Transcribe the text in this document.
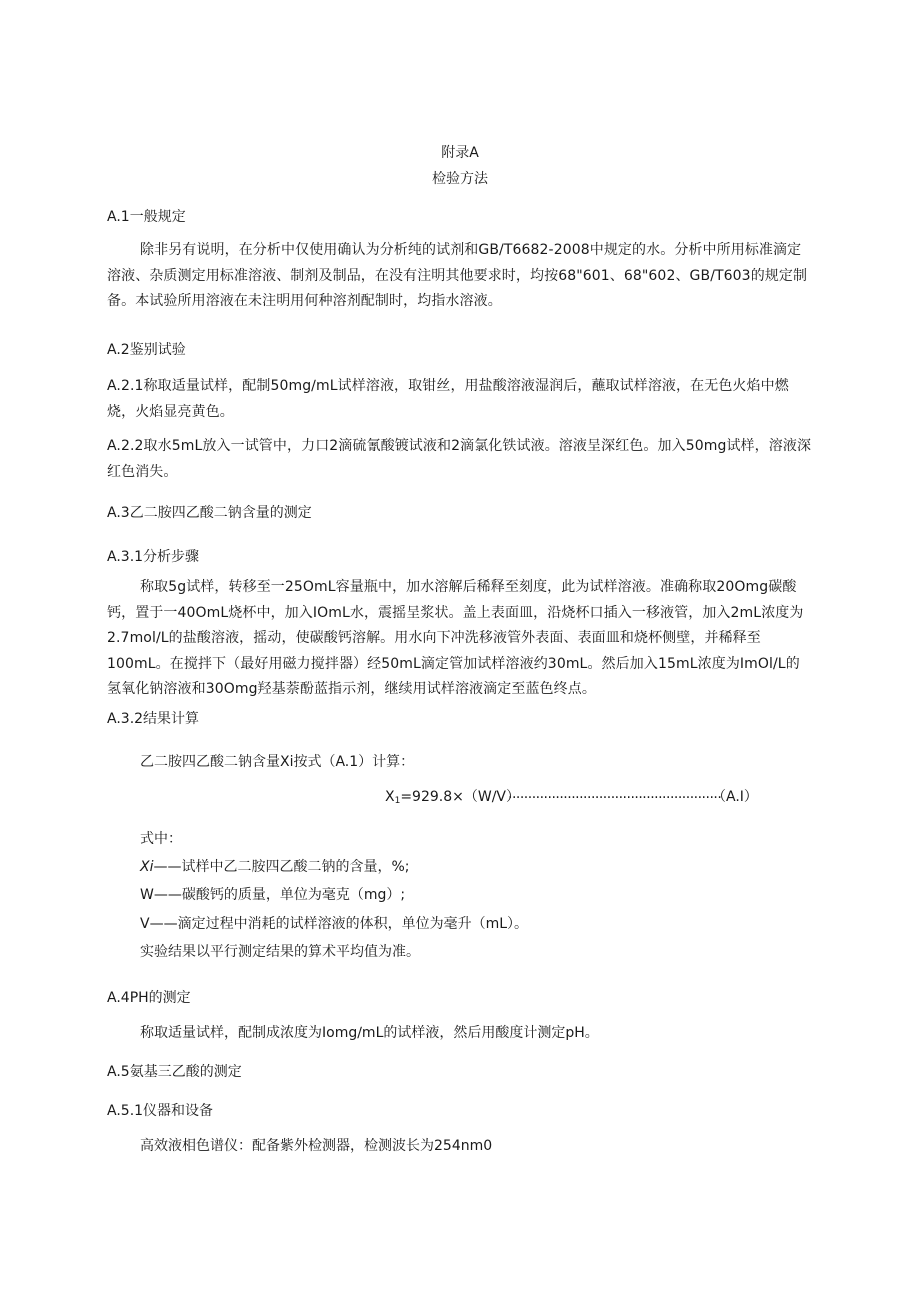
附录A
检验方法
A.1一般规定
除非另有说明，在分析中仅使用确认为分析纯的试剂和GB/T6682-2008中规定的水。分析中所用标准滴定溶液、杂质测定用标准溶液、制剂及制品，在没有注明其他要求时，均按68"601、68"602、GB/T603的规定制备。本试验所用溶液在未注明用何种溶剂配制时，均指水溶液。
A.2鉴别试验
A.2.1称取适量试样，配制50mg∕mL试样溶液，取钳丝，用盐酸溶液湿润后，蘸取试样溶液，在无色火焰中燃烧，火焰显亮黄色。
A.2.2取水5mL放入一试管中，力口2滴硫氰酸镀试液和2滴氯化铁试液。溶液呈深红色。加入50mg试样，溶液深红色消失。
A.3乙二胺四乙酸二钠含量的测定
A.3.1分析步骤
称取5g试样，转移至一25OmL容量瓶中，加水溶解后稀释至刻度，此为试样溶液。准确称取20Omg碳酸钙，置于一40OmL烧杯中，加入IOmL水，震摇呈浆状。盖上表面皿，沿烧杯口插入一移液管，加入2mL浓度为2.7mol∕L的盐酸溶液，摇动，使碳酸钙溶解。用水向下冲洗移液管外表面、表面皿和烧杯侧壁，并稀释至100mL。在搅拌下（最好用磁力搅拌器）经50mL滴定管加试样溶液约30mL。然后加入15mL浓度为ImOl/L的氢氧化钠溶液和30Omg羟基萘酚蓝指示剂，继续用试样溶液滴定至蓝色终点。
A.3.2结果计算
乙二胺四乙酸二钠含量Xi按式（A.1）计算：
$X_1=929.8\times(W∕V)$
......................................................
（A.I）
式中：
Xi——试样中乙二胺四乙酸二钠的含量，%;
W——碳酸钙的质量，单位为毫克（mg）;
V——滴定过程中消耗的试样溶液的体积，单位为毫升（mL）。
实验结果以平行测定结果的算术平均值为准。
A.4PH的测定
称取适量试样，配制成浓度为Iomg∕mL的试样液，然后用酸度计测定pH。
A.5氨基三乙酸的测定
A.5.1仪器和设备
高效液相色谱仪：配备紫外检测器，检测波长为254nm0
